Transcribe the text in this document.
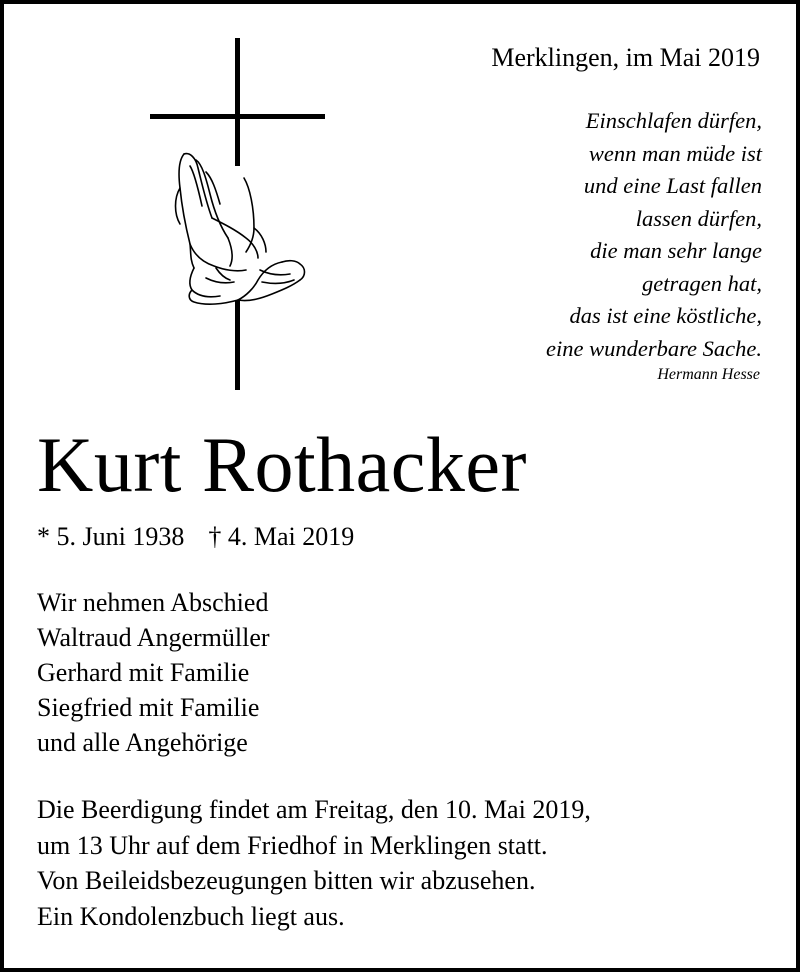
Merklingen, im Mai 2019
Einschlafen dürfen,
wenn man müde ist
und eine Last fallen
lassen dürfen,
die man sehr lange
getragen hat,
das ist eine köstliche,
eine wunderbare Sache.
Hermann Hesse
Kurt Rothacker
* 5. Juni 1938 † 4. Mai 2019
Wir nehmen Abschied
Waltraud Angermüller
Gerhard mit Familie
Siegfried mit Familie
und alle Angehörige
Die Beerdigung findet am Freitag, den 10. Mai 2019,
um 13 Uhr auf dem Friedhof in Merklingen statt.
Von Beileidsbezeugungen bitten wir abzusehen.
Ein Kondolenzbuch liegt aus.
